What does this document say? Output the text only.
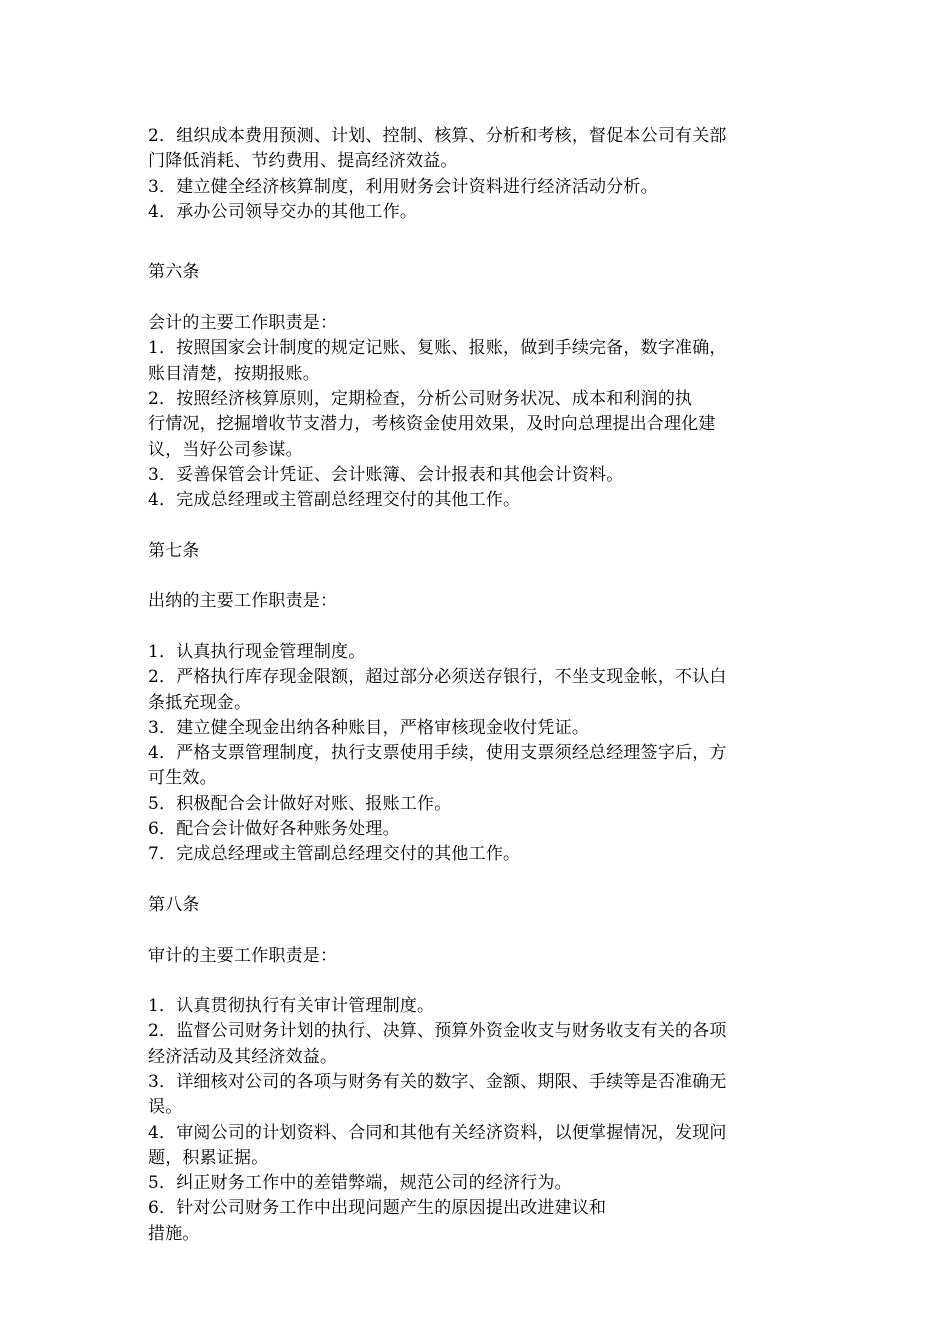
2．组织成本费用预测、计划、控制、核算、分析和考核，督促本公司有关部
门降低消耗、节约费用、提高经济效益。
3．建立健全经济核算制度，利用财务会计资料进行经济活动分析。
4．承办公司领导交办的其他工作。
第六条
会计的主要工作职责是：
1．按照国家会计制度的规定记账、复账、报账，做到手续完备，数字准确，
账目清楚，按期报账。
2．按照经济核算原则，定期检查，分析公司财务状况、成本和利润的执
行情况，挖掘增收节支潜力，考核资金使用效果，及时向总理提出合理化建
议，当好公司参谋。
3．妥善保管会计凭证、会计账簿、会计报表和其他会计资料。
4．完成总经理或主管副总经理交付的其他工作。
第七条
出纳的主要工作职责是：
1．认真执行现金管理制度。
2．严格执行库存现金限额，超过部分必须送存银行，不坐支现金帐，不认白
条抵充现金。
3．建立健全现金出纳各种账目，严格审核现金收付凭证。
4．严格支票管理制度，执行支票使用手续，使用支票须经总经理签字后，方
可生效。
5．积极配合会计做好对账、报账工作。
6．配合会计做好各种账务处理。
7．完成总经理或主管副总经理交付的其他工作。
第八条
审计的主要工作职责是：
1．认真贯彻执行有关审计管理制度。
2．监督公司财务计划的执行、决算、预算外资金收支与财务收支有关的各项
经济活动及其经济效益。
3．详细核对公司的各项与财务有关的数字、金额、期限、手续等是否准确无
误。
4．审阅公司的计划资料、合同和其他有关经济资料，以便掌握情况，发现问
题，积累证据。
5．纠正财务工作中的差错弊端，规范公司的经济行为。
6．针对公司财务工作中出现问题产生的原因提出改进建议和
措施。
